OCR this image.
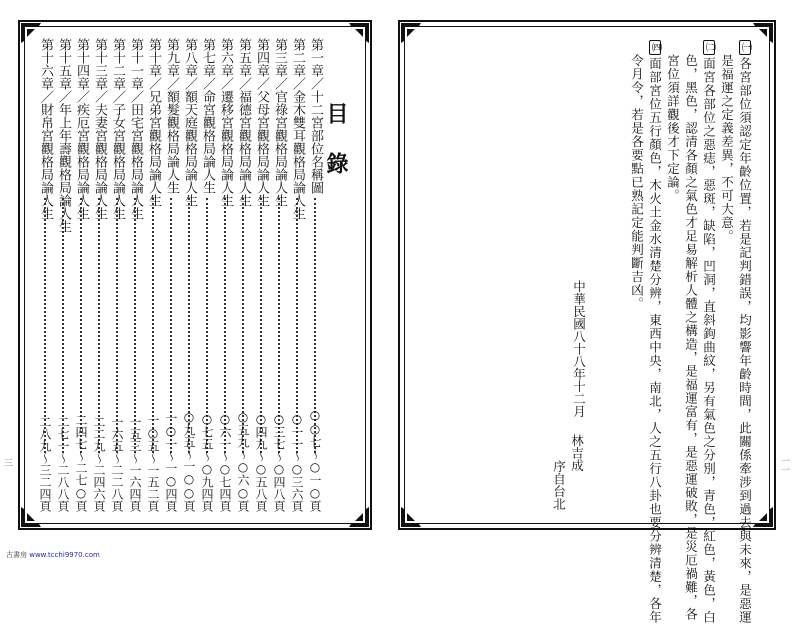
目錄
第一章／十二宮部位名稱圖
○○七～○一○頁
第二章／金木雙耳觀格局論人生
○一一～○三六頁
第三章／官祿宮觀格局論人生
○三七～○四八頁
第四章／父母宮觀格局論人生
○四九～○五八頁
第五章／福德宮觀格局論人生
○五九～○六○頁
第六章／遷移宮觀格局論人生
○六一～○七四頁
第七章／命宮觀格局論人生
○七五～○九四頁
第八章／額天庭觀格局論人生
○九五～一○○頁
第九章／額髮觀格局論人生
一○一～一○四頁
第十章／兄弟宮觀格局論人生
一○五～一五二頁
第十一章／田宅宮觀格局論人生
一五三～一六四頁
第十二章／子女宮觀格局論人生
一六五～二二八頁
第十三章／夫妻宮觀格局論人生
二二九～二四六頁
第十四章／疾厄宮觀格局論人生
二四七～二七○頁
第十五章／年上年壽觀格局論人生
二七一～二八八頁
第十六章／財帛宮觀格局論人生
二八九～三二四頁
㈠各宮部位須認定年齡位置，若是記判錯誤，均影響年齡時間，此關係牽涉到過去與未來，是惡運
是福運之定義差異，不可大意。
㈡面宮各部位之惡痣，惡斑，缺陷，凹洞，直斜鉤曲紋，另有氣色之分別，青色，紅色，黃色，白
色，黑色，認清各顏之氣色才足易解析人體之構造，是福運富有，是惡運破敗，是災厄禍難，各
宮位須詳觀後才下定論。
㈣面部宮位五行顏色，木火土金水清楚分辨，東西中央，南北，人之五行八卦也要分辨清楚，各年
令月令，若是各要點已熟記定能判斷吉凶。
中華民國八十八年十二月
林吉成
序自台北
三	一一
古書房 www.tcchi9970.com
